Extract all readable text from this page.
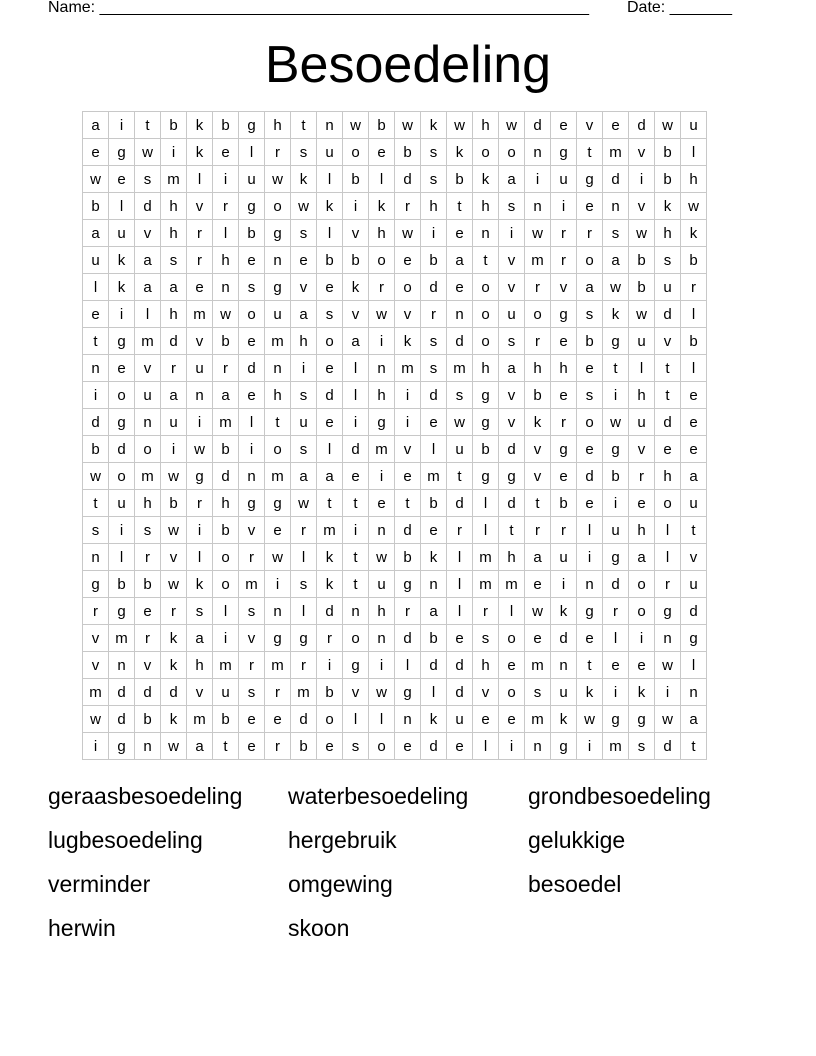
Name: _______________________________________________________ Date: _______
Besoedeling
a	i	t	b	k	b	g	h	t	n	w	b	w	k	w	h	w	d	e	v	e	d	w	u
e	g	w	i	k	e	l	r	s	u	o	e	b	s	k	o	o	n	g	t	m	v	b	l
w	e	s	m	l	i	u	w	k	l	b	l	d	s	b	k	a	i	u	g	d	i	b	h
b	l	d	h	v	r	g	o	w	k	i	k	r	h	t	h	s	n	i	e	n	v	k	w
a	u	v	h	r	l	b	g	s	l	v	h	w	i	e	n	i	w	r	r	s	w	h	k
u	k	a	s	r	h	e	n	e	b	b	o	e	b	a	t	v	m	r	o	a	b	s	b
l	k	a	a	e	n	s	g	v	e	k	r	o	d	e	o	v	r	v	a	w	b	u	r
e	i	l	h	m	w	o	u	a	s	v	w	v	r	n	o	u	o	g	s	k	w	d	l
t	g	m	d	v	b	e	m	h	o	a	i	k	s	d	o	s	r	e	b	g	u	v	b
n	e	v	r	u	r	d	n	i	e	l	n	m	s	m	h	a	h	h	e	t	l	t	l
i	o	u	a	n	a	e	h	s	d	l	h	i	d	s	g	v	b	e	s	i	h	t	e
d	g	n	u	i	m	l	t	u	e	i	g	i	e	w	g	v	k	r	o	w	u	d	e
b	d	o	i	w	b	i	o	s	l	d	m	v	l	u	b	d	v	g	e	g	v	e	e
w	o	m	w	g	d	n	m	a	a	e	i	e	m	t	g	g	v	e	d	b	r	h	a
t	u	h	b	r	h	g	g	w	t	t	e	t	b	d	l	d	t	b	e	i	e	o	u
s	i	s	w	i	b	v	e	r	m	i	n	d	e	r	l	t	r	r	l	u	h	l	t
n	l	r	v	l	o	r	w	l	k	t	w	b	k	l	m	h	a	u	i	g	a	l	v
g	b	b	w	k	o	m	i	s	k	t	u	g	n	l	m	m	e	i	n	d	o	r	u
r	g	e	r	s	l	s	n	l	d	n	h	r	a	l	r	l	w	k	g	r	o	g	d
v	m	r	k	a	i	v	g	g	r	o	n	d	b	e	s	o	e	d	e	l	i	n	g
v	n	v	k	h	m	r	m	r	i	g	i	l	d	d	h	e	m	n	t	e	e	w	l
m	d	d	d	v	u	s	r	m	b	v	w	g	l	d	v	o	s	u	k	i	k	i	n
w	d	b	k	m	b	e	e	d	o	l	l	n	k	u	e	e	m	k	w	g	g	w	a
i	g	n	w	a	t	e	r	b	e	s	o	e	d	e	l	i	n	g	i	m	s	d	t
geraasbesoedeling	waterbesoedeling	grondbesoedeling
lugbesoedeling	hergebruik	gelukkige
verminder	omgewing	besoedel
herwin	skoon
